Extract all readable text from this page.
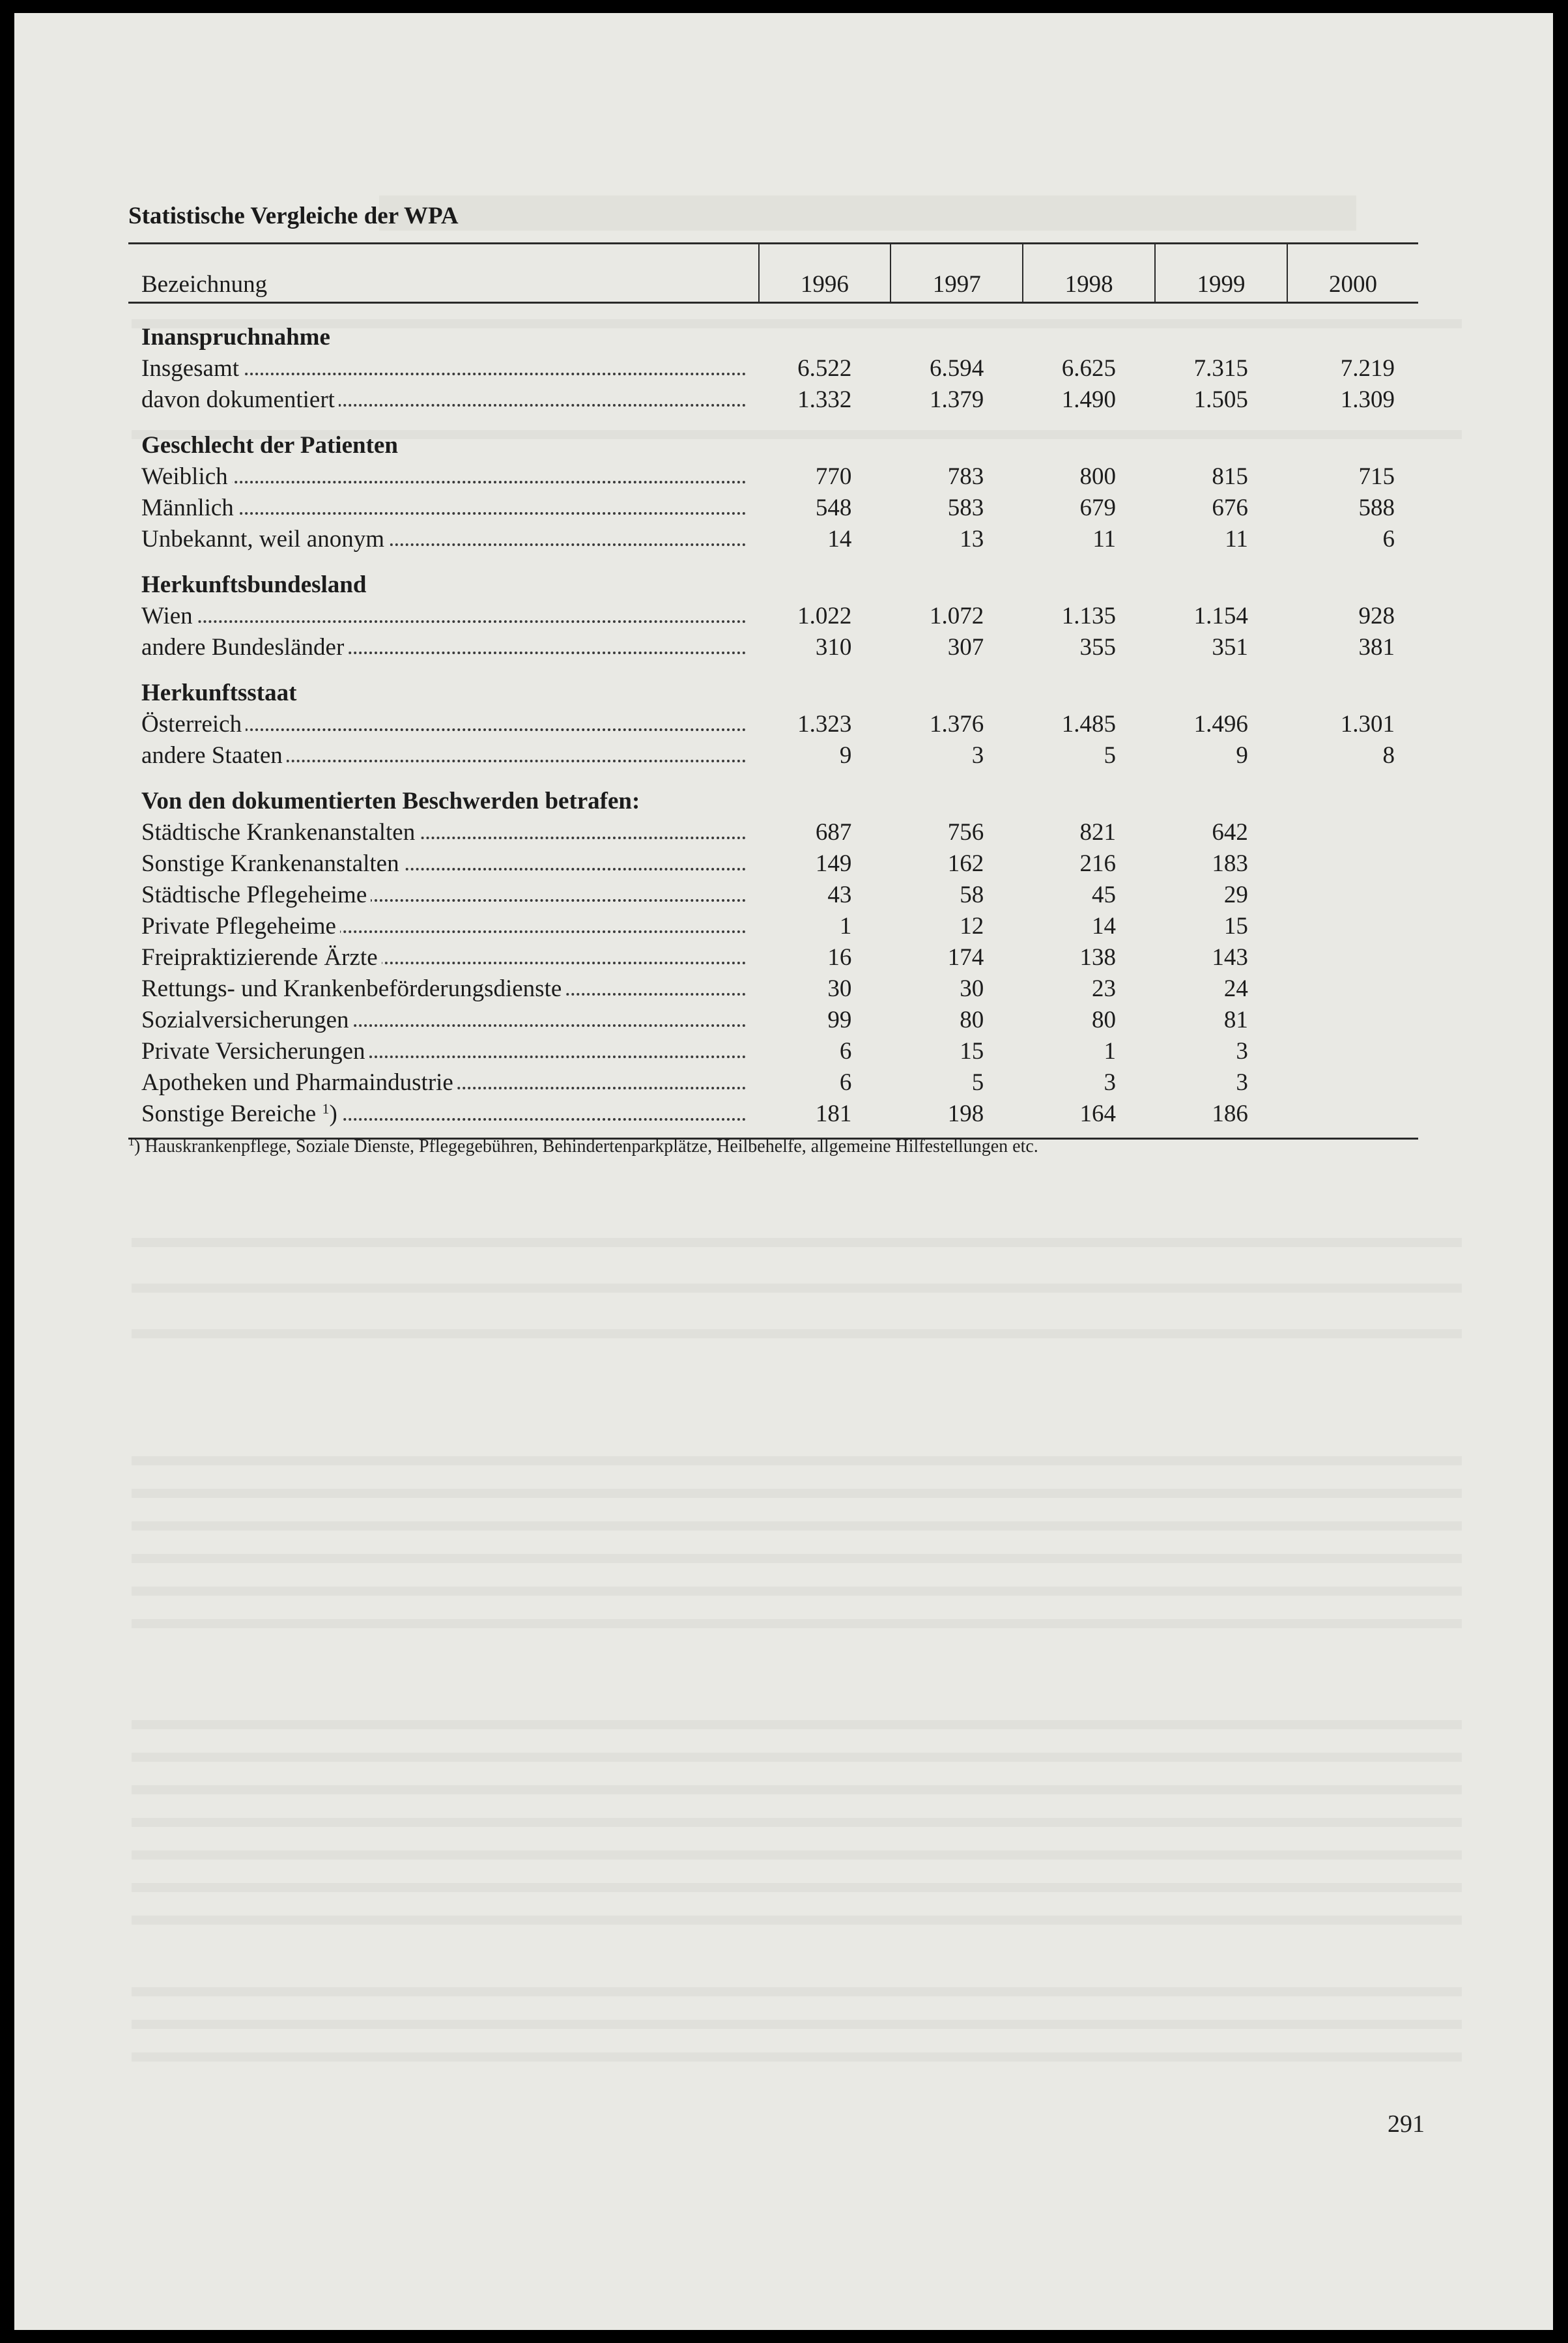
Statistische Vergleiche der WPA
Bezeichnung	1996	1997	1998	1999	2000
Inanspruchnahme					

Insgesamt	6.522	6.594	6.625	7.315	7.219

davon dokumentiert	1.332	1.379	1.490	1.505	1.309
Geschlecht der Patienten					

Weiblich	770	783	800	815	715

Männlich	548	583	679	676	588

Unbekannt, weil anonym	14	13	11	11	6
Herkunftsbundesland					

Wien	1.022	1.072	1.135	1.154	928

andere Bundesländer	310	307	355	351	381
Herkunftsstaat					

Österreich	1.323	1.376	1.485	1.496	1.301

andere Staaten	9	3	5	9	8
Von den dokumentierten Beschwerden betrafen:					

Städtische Krankenanstalten	687	756	821	642	

Sonstige Krankenanstalten	149	162	216	183	

Städtische Pflegeheime	43	58	45	29	

Private Pflegeheime	1	12	14	15	

Freipraktizierende Ärzte	16	174	138	143	

Rettungs- und Krankenbeförderungsdienste	30	30	23	24	

Sozialversicherungen	99	80	80	81	

Private Versicherungen	6	15	1	3	

Apotheken und Pharmaindustrie	6	5	3	3	

Sonstige Bereiche $^1$)	181	198	164	186	

$^1$) Hauskrankenpflege, Soziale Dienste, Pflegegebühren, Behindertenparkplätze, Heilbehelfe, allgemeine Hilfestellungen etc.
291
